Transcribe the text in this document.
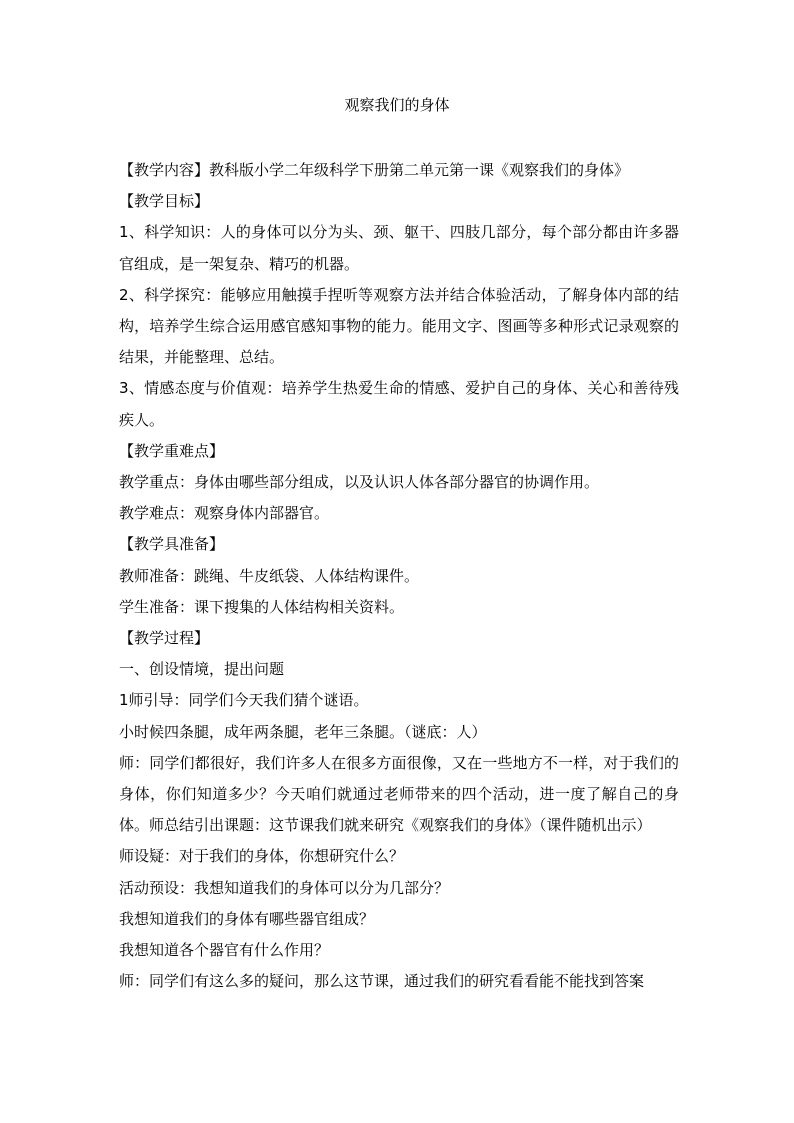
观察我们的身体

【教学内容】教科版小学二年级科学下册第二单元第一课《观察我们的身体》

【教学目标】

1、科学知识：人的身体可以分为头、颈、躯干、四肢几部分，每个部分都由许多器官组成，是一架复杂、精巧的机器。

2、科学探究：能够应用触摸手捏听等观察方法并结合体验活动，了解身体内部的结构，培养学生综合运用感官感知事物的能力。能用文字、图画等多种形式记录观察的结果，并能整理、总结。

3、情感态度与价值观：培养学生热爱生命的情感、爱护自己的身体、关心和善待残疾人。

【教学重难点】

教学重点：身体由哪些部分组成，以及认识人体各部分器官的协调作用。

教学难点：观察身体内部器官。

【教学具准备】

教师准备：跳绳、牛皮纸袋、人体结构课件。

学生准备：课下搜集的人体结构相关资料。

【教学过程】

一、创设情境，提出问题

1师引导：同学们今天我们猜个谜语。

小时候四条腿，成年两条腿，老年三条腿。（谜底：人）

师：同学们都很好，我们许多人在很多方面很像，又在一些地方不一样，对于我们的身体，你们知道多少？今天咱们就通过老师带来的四个活动，进一度了解自己的身体。师总结引出课题：这节课我们就来研究《观察我们的身体》（课件随机出示）

师设疑：对于我们的身体，你想研究什么？

活动预设：我想知道我们的身体可以分为几部分？

我想知道我们的身体有哪些器官组成？

我想知道各个器官有什么作用？

师：同学们有这么多的疑问，那么这节课，通过我们的研究看看能不能找到答案
